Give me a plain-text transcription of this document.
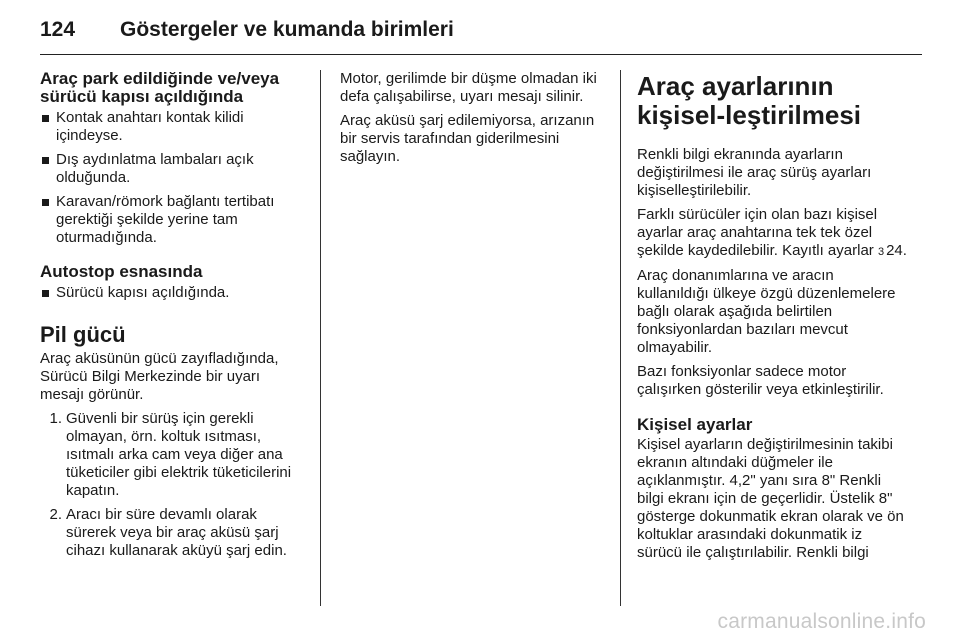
124 Göstergeler ve kumanda birimleri
Araç park edildiğinde ve/veya sürücü kapısı açıldığında
Kontak anahtarı kontak kilidi içindeyse.
Dış aydınlatma lambaları açık olduğunda.
Karavan/römork bağlantı tertibatı gerektiği şekilde yerine tam oturmadığında.
Autostop esnasında
Sürücü kapısı açıldığında.
Pil gücü

Araç aküsünün gücü zayıfladığında, Sürücü Bilgi Merkezinde bir uyarı mesajı görünür.

1. Güvenli bir sürüş için gerekli olmayan, örn. koltuk ısıtması, ısıtmalı arka cam veya diğer ana tüketiciler gibi elektrik tüketicilerini kapatın.
2. Aracı bir süre devamlı olarak sürerek veya bir araç aküsü şarj cihazı kullanarak aküyü şarj edin.

Motor, gerilimde bir düşme olmadan iki defa çalışabilirse, uyarı mesajı silinir.

Araç aküsü şarj edilemiyorsa, arızanın bir servis tarafından giderilmesini sağlayın.

Araç ayarlarının kişisel-leştirilmesi

Renkli bilgi ekranında ayarların değiştirilmesi ile araç sürüş ayarları kişiselleştirilebilir.

Farklı sürücüler için olan bazı kişisel ayarlar araç anahtarına tek tek özel şekilde kaydedilebilir. Kayıtlı ayarlar 3 24.

Araç donanımlarına ve aracın kullanıldığı ülkeye özgü düzenlemelere bağlı olarak aşağıda belirtilen fonksiyonlardan bazıları mevcut olmayabilir.

Bazı fonksiyonlar sadece motor çalışırken gösterilir veya etkinleştirilir.

Kişisel ayarlar

Kişisel ayarların değiştirilmesinin takibi ekranın altındaki düğmeler ile açıklanmıştır. 4,2" yanı sıra 8" Renkli bilgi ekranı için de geçerlidir. Üstelik 8" gösterge dokunmatik ekran olarak ve ön koltuklar arasındaki dokunmatik iz sürücü ile çalıştırılabilir. Renkli bilgi

carmanualsonline.info
